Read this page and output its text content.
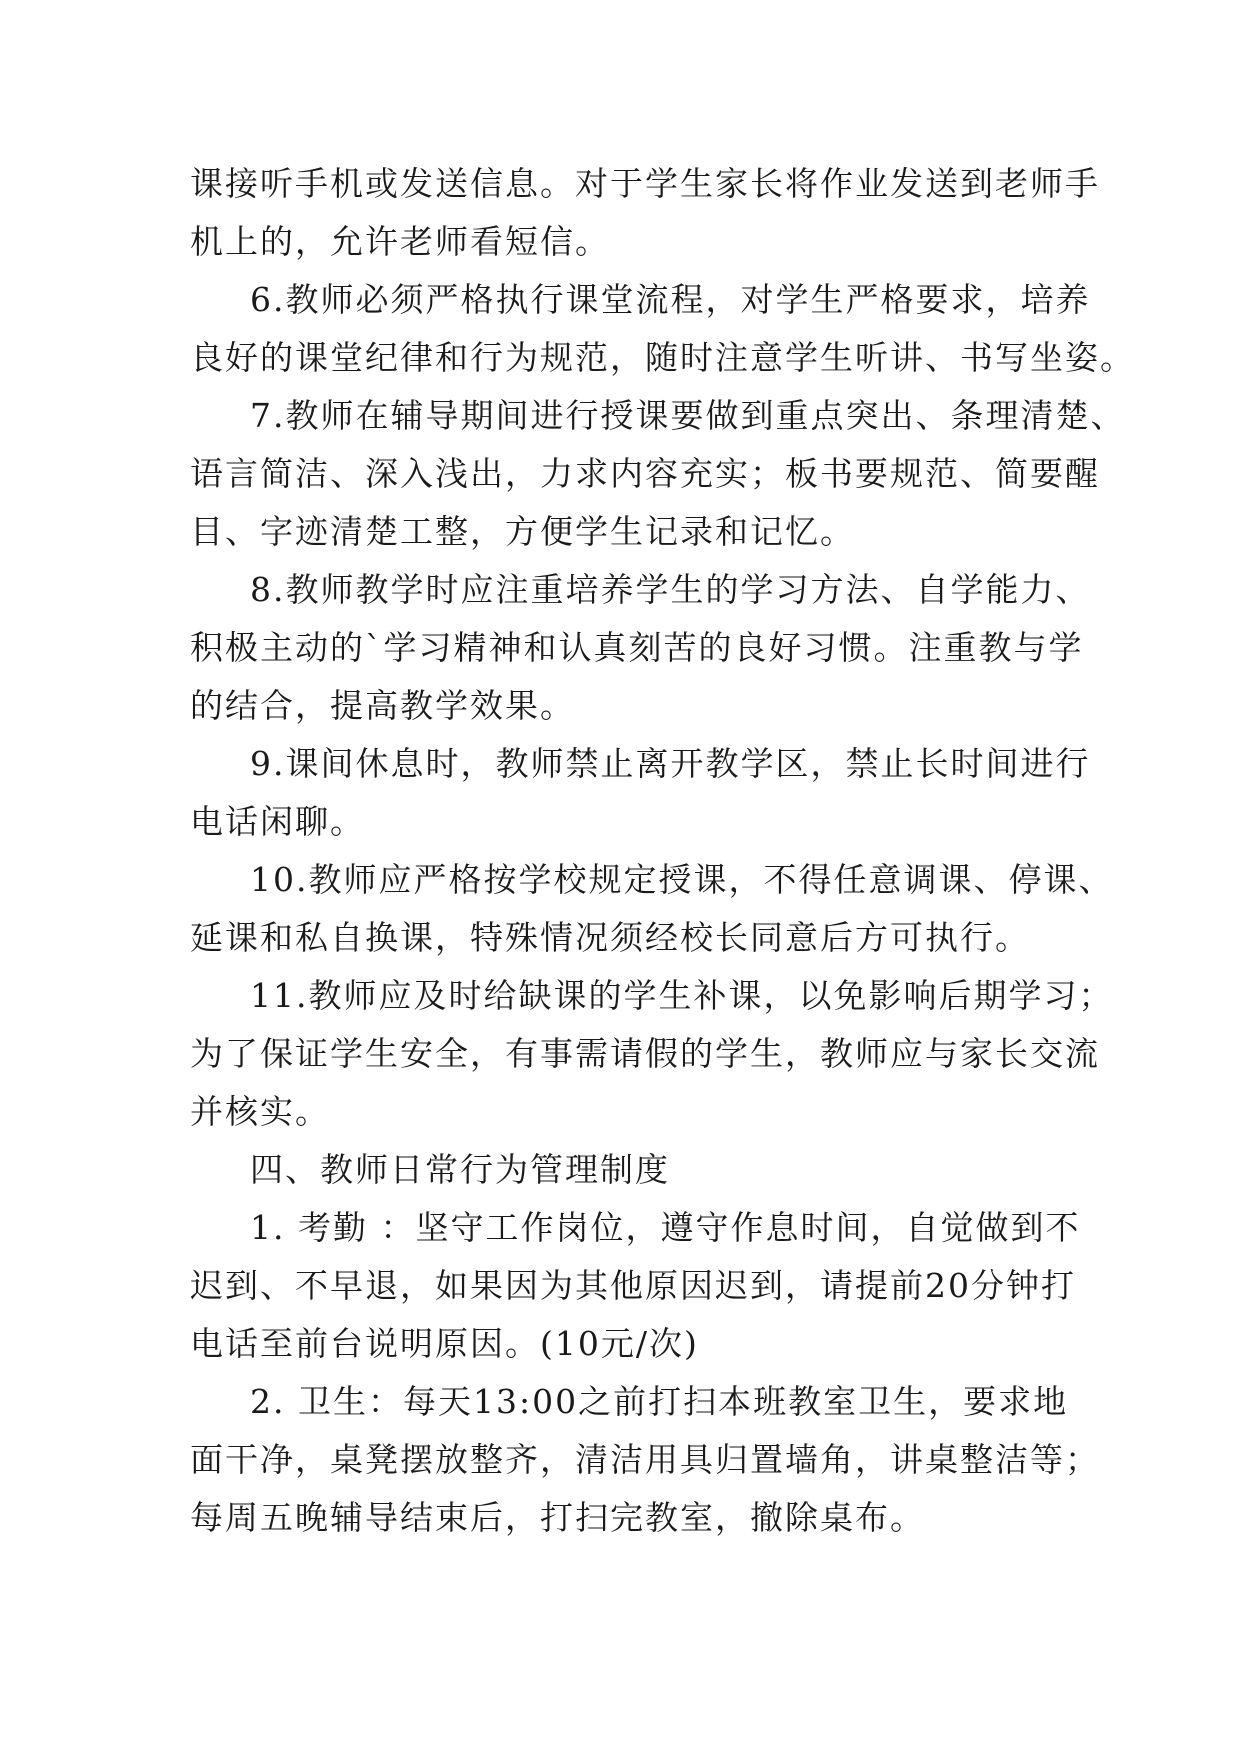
课接听手机或发送信息。对于学生家长将作业发送到老师手
机上的，允许老师看短信。
6.教师必须严格执行课堂流程，对学生严格要求，培养
良好的课堂纪律和行为规范，随时注意学生听讲、书写坐姿。
7.教师在辅导期间进行授课要做到重点突出、条理清楚、
语言简洁、深入浅出，力求内容充实；板书要规范、简要醒
目、字迹清楚工整，方便学生记录和记忆。
8.教师教学时应注重培养学生的学习方法、自学能力、
积极主动的`学习精神和认真刻苦的良好习惯。注重教与学
的结合，提高教学效果。
9.课间休息时，教师禁止离开教学区，禁止长时间进行
电话闲聊。
10.教师应严格按学校规定授课，不得任意调课、停课、
延课和私自换课，特殊情况须经校长同意后方可执行。
11.教师应及时给缺课的学生补课，以免影响后期学习；
为了保证学生安全，有事需请假的学生，教师应与家长交流
并核实。
四、教师日常行为管理制度
1. 考勤 ：坚守工作岗位，遵守作息时间，自觉做到不
迟到、不早退，如果因为其他原因迟到，请提前20分钟打
电话至前台说明原因。(10元/次)
2. 卫生：每天13:00之前打扫本班教室卫生，要求地
面干净，桌凳摆放整齐，清洁用具归置墙角，讲桌整洁等；
每周五晚辅导结束后，打扫完教室，撤除桌布。
